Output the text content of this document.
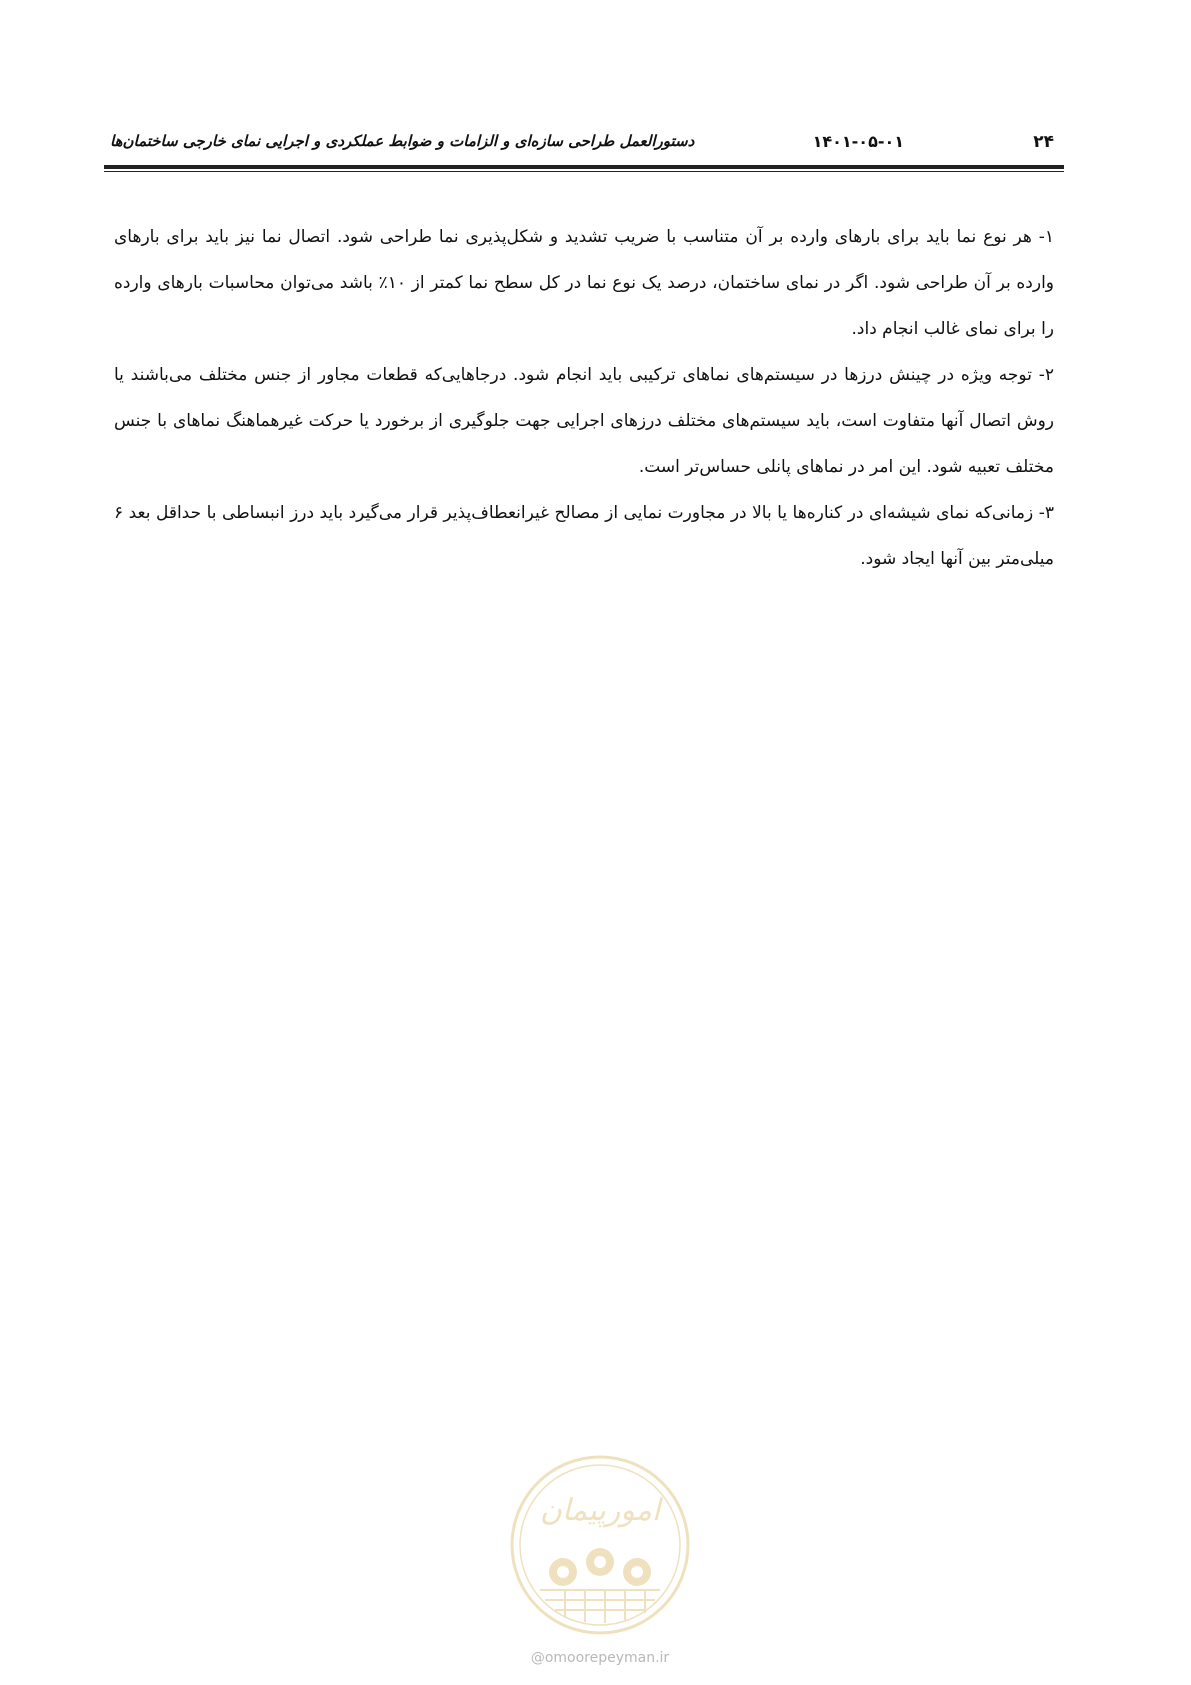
۲۴
۱۴۰۱-۰۵-۰۱
دستورالعمل طراحی سازه‌ای و الزامات و ضوابط عملکردی و اجرایی نمای خارجی ساختمان‌ها

۱- هر نوع نما باید برای بارهای وارده بر آن متناسب با ضریب تشدید و شکل‌پذیری نما طراحی شود. اتصال نما نیز باید برای بارهای وارده بر آن طراحی شود. اگر در نمای ساختمان، درصد یک نوع نما در کل سطح نما کمتر از ۱۰٪ باشد می‌توان محاسبات بارهای وارده را برای نمای غالب انجام داد.

۲- توجه ویژه در چینش درزها در سیستم‌های نماهای ترکیبی باید انجام شود. درجاهایی‌که قطعات مجاور از جنس مختلف می‌باشند یا روش اتصال آنها متفاوت است، باید سیستم‌های مختلف درزهای اجرایی جهت جلوگیری از برخورد یا حرکت غیرهماهنگ نماهای با جنس مختلف تعبیه شود. این امر در نماهای پانلی حساس‌تر است.

۳- زمانی‌که نمای شیشه‌ای در کناره‌ها یا بالا در مجاورت نمایی از مصالح غیرانعطاف‌پذیر قرار می‌گیرد باید درز انبساطی با حداقل بعد ۶ میلی‌متر بین آنها ایجاد شود.

امورپیمان
@omoorepeyman.ir
